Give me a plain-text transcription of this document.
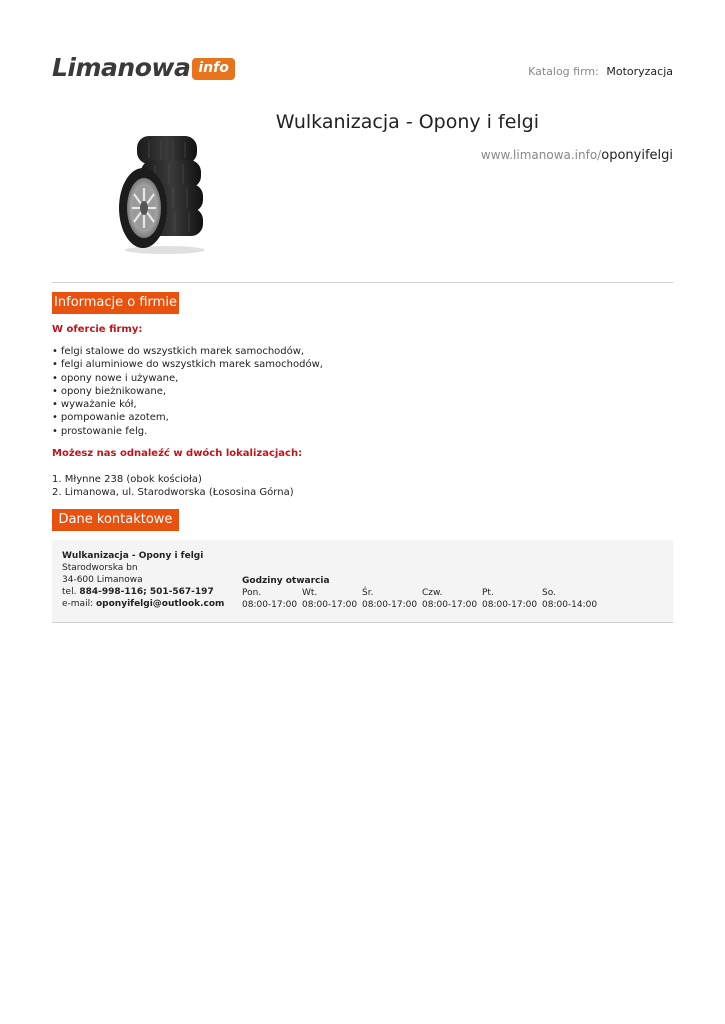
Limanowa info	Katalog firm: Motoryzacja
Wulkanizacja - Opony i felgi
www.limanowa.info/oponyifelgi
Informacje o firmie
W ofercie firmy:
• felgi stalowe do wszystkich marek samochodów,
• felgi aluminiowe do wszystkich marek samochodów,
• opony nowe i używane,
• opony bieżnikowane,
• wyważanie kół,
• pompowanie azotem,
• prostowanie felg.
Możesz nas odnaleźć w dwóch lokalizacjach:
1. Młynne 238 (obok kościoła)
2. Limanowa, ul. Starodworska (Łososina Górna)
Dane kontaktowe
Wulkanizacja - Opony i felgi
Starodworska bn
34-600 Limanowa
tel. 884-998-116; 501-567-197
e-mail: oponyifelgi@outlook.com
Godziny otwarcia
Pon.
08:00-17:00
Wt.
08:00-17:00
Śr.
08:00-17:00
Czw.
08:00-17:00
Pt.
08:00-17:00
So.
08:00-14:00
